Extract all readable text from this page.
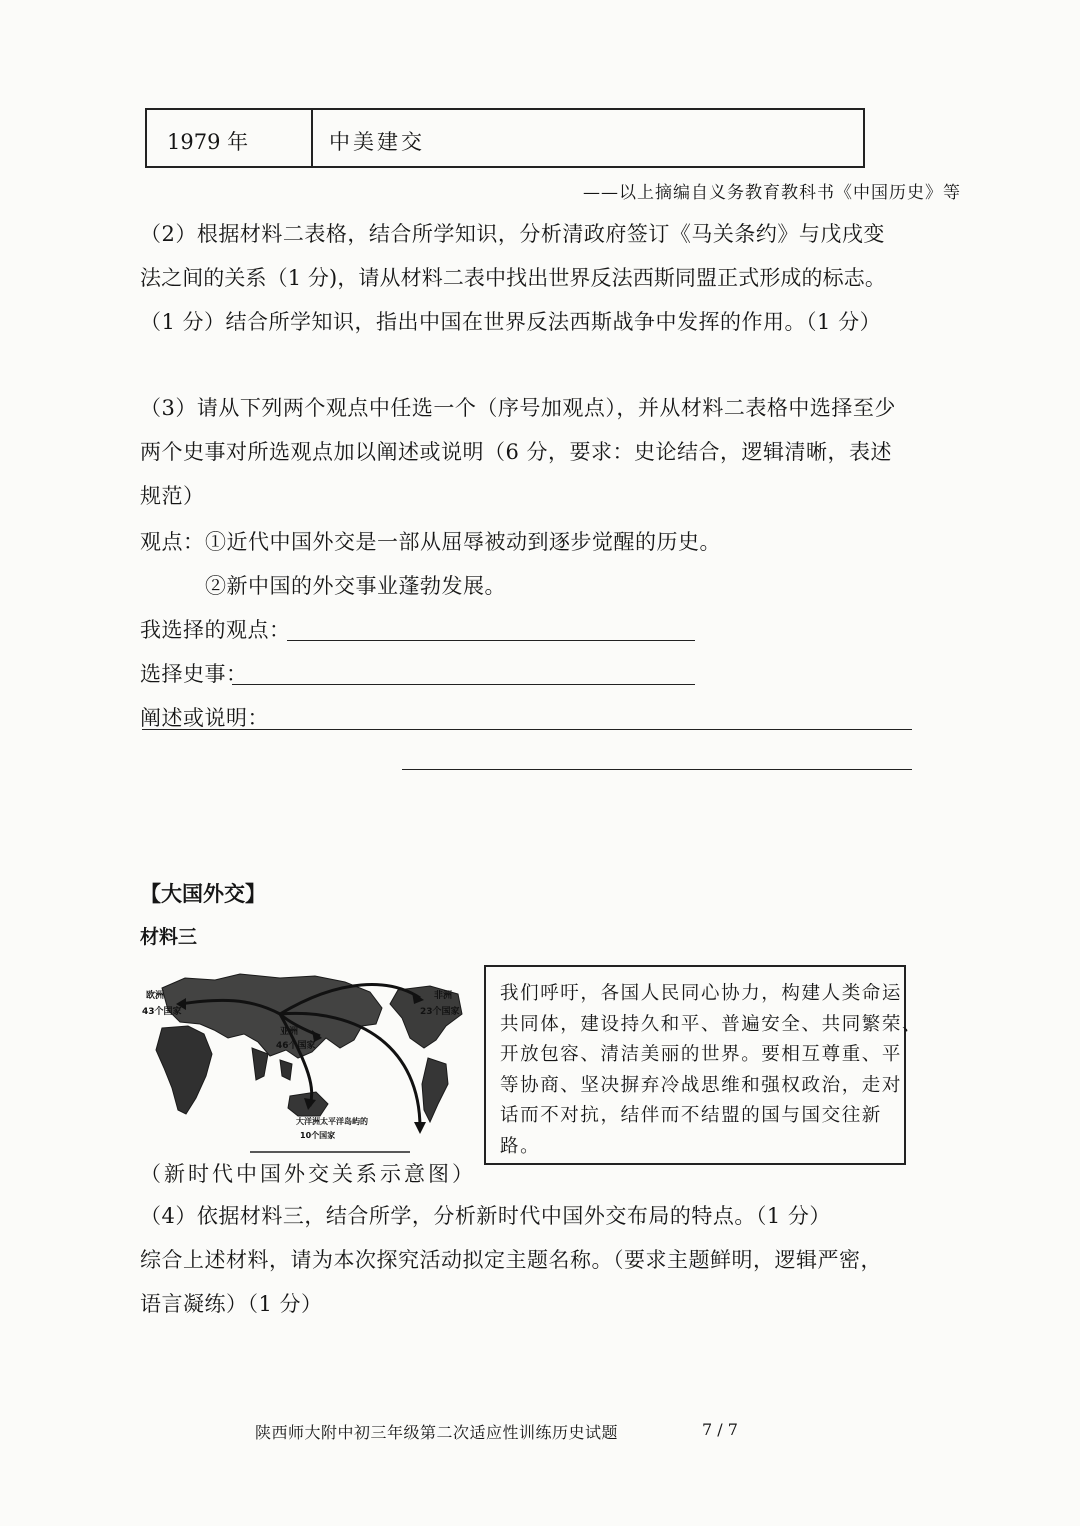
1979 年	中美建交
——以上摘编自义务教育教科书《中国历史》等
（2）根据材料二表格，结合所学知识，分析清政府签订《马关条约》与戊戌变
法之间的关系（1 分)，请从材料二表中找出世界反法西斯同盟正式形成的标志。
（1 分）结合所学知识，指出中国在世界反法西斯战争中发挥的作用。（1 分）
（3）请从下列两个观点中任选一个（序号加观点），并从材料二表格中选择至少
两个史事对所选观点加以阐述或说明（6 分，要求：史论结合，逻辑清晰，表述
规范）
观点： ①近代中国外交是一部从屈辱被动到逐步觉醒的历史。
②新中国的外交事业蓬勃发展。
我选择的观点：
选择史事：
阐述或说明：
【大国外交】
材料三
欧洲
43个国家
非洲
23个国家
亚洲
46个国家
大洋洲太平洋岛屿的
10个国家
（新时代中国外交关系示意图）

我们呼吁，各国人民同心协力，构建人类命运

共同体，建设持久和平、普遍安全、共同繁荣、

开放包容、清洁美丽的世界。要相互尊重、平

等协商、坚决摒弃冷战思维和强权政治，走对

话而不对抗，结伴而不结盟的国与国交往新

路。

（4）依据材料三，结合所学，分析新时代中国外交布局的特点。（1 分）
综合上述材料，请为本次探究活动拟定主题名称。（要求主题鲜明，逻辑严密，
语言凝练）（1 分）
陕西师大附中初三年级第二次适应性训练历史试题	7 / 7
